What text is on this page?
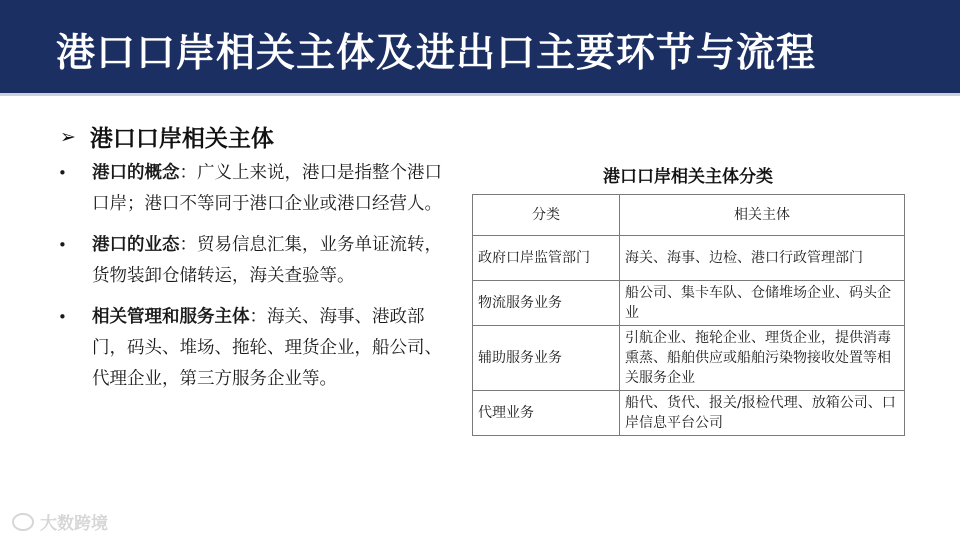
港口口岸相关主体及进出口主要环节与流程
➢ 港口口岸相关主体
• 港口的概念：广义上来说，港口是指整个港口口岸；港口不等同于港口企业或港口经营人。
• 港口的业态：贸易信息汇集，业务单证流转，货物装卸仓储转运，海关查验等。
• 相关管理和服务主体：海关、海事、港政部门，码头、堆场、拖轮、理货企业，船公司、代理企业，第三方服务企业等。
港口口岸相关主体分类
分类	相关主体
政府口岸监管部门	海关、海事、边检、港口行政管理部门
物流服务业务	船公司、集卡车队、仓储堆场企业、码头企业
辅助服务业务	引航企业、拖轮企业、理货企业，提供消毒熏蒸、船舶供应或船舶污染物接收处置等相关服务企业
代理业务	船代、货代、报关/报检代理、放箱公司、口岸信息平台公司
大数跨境
